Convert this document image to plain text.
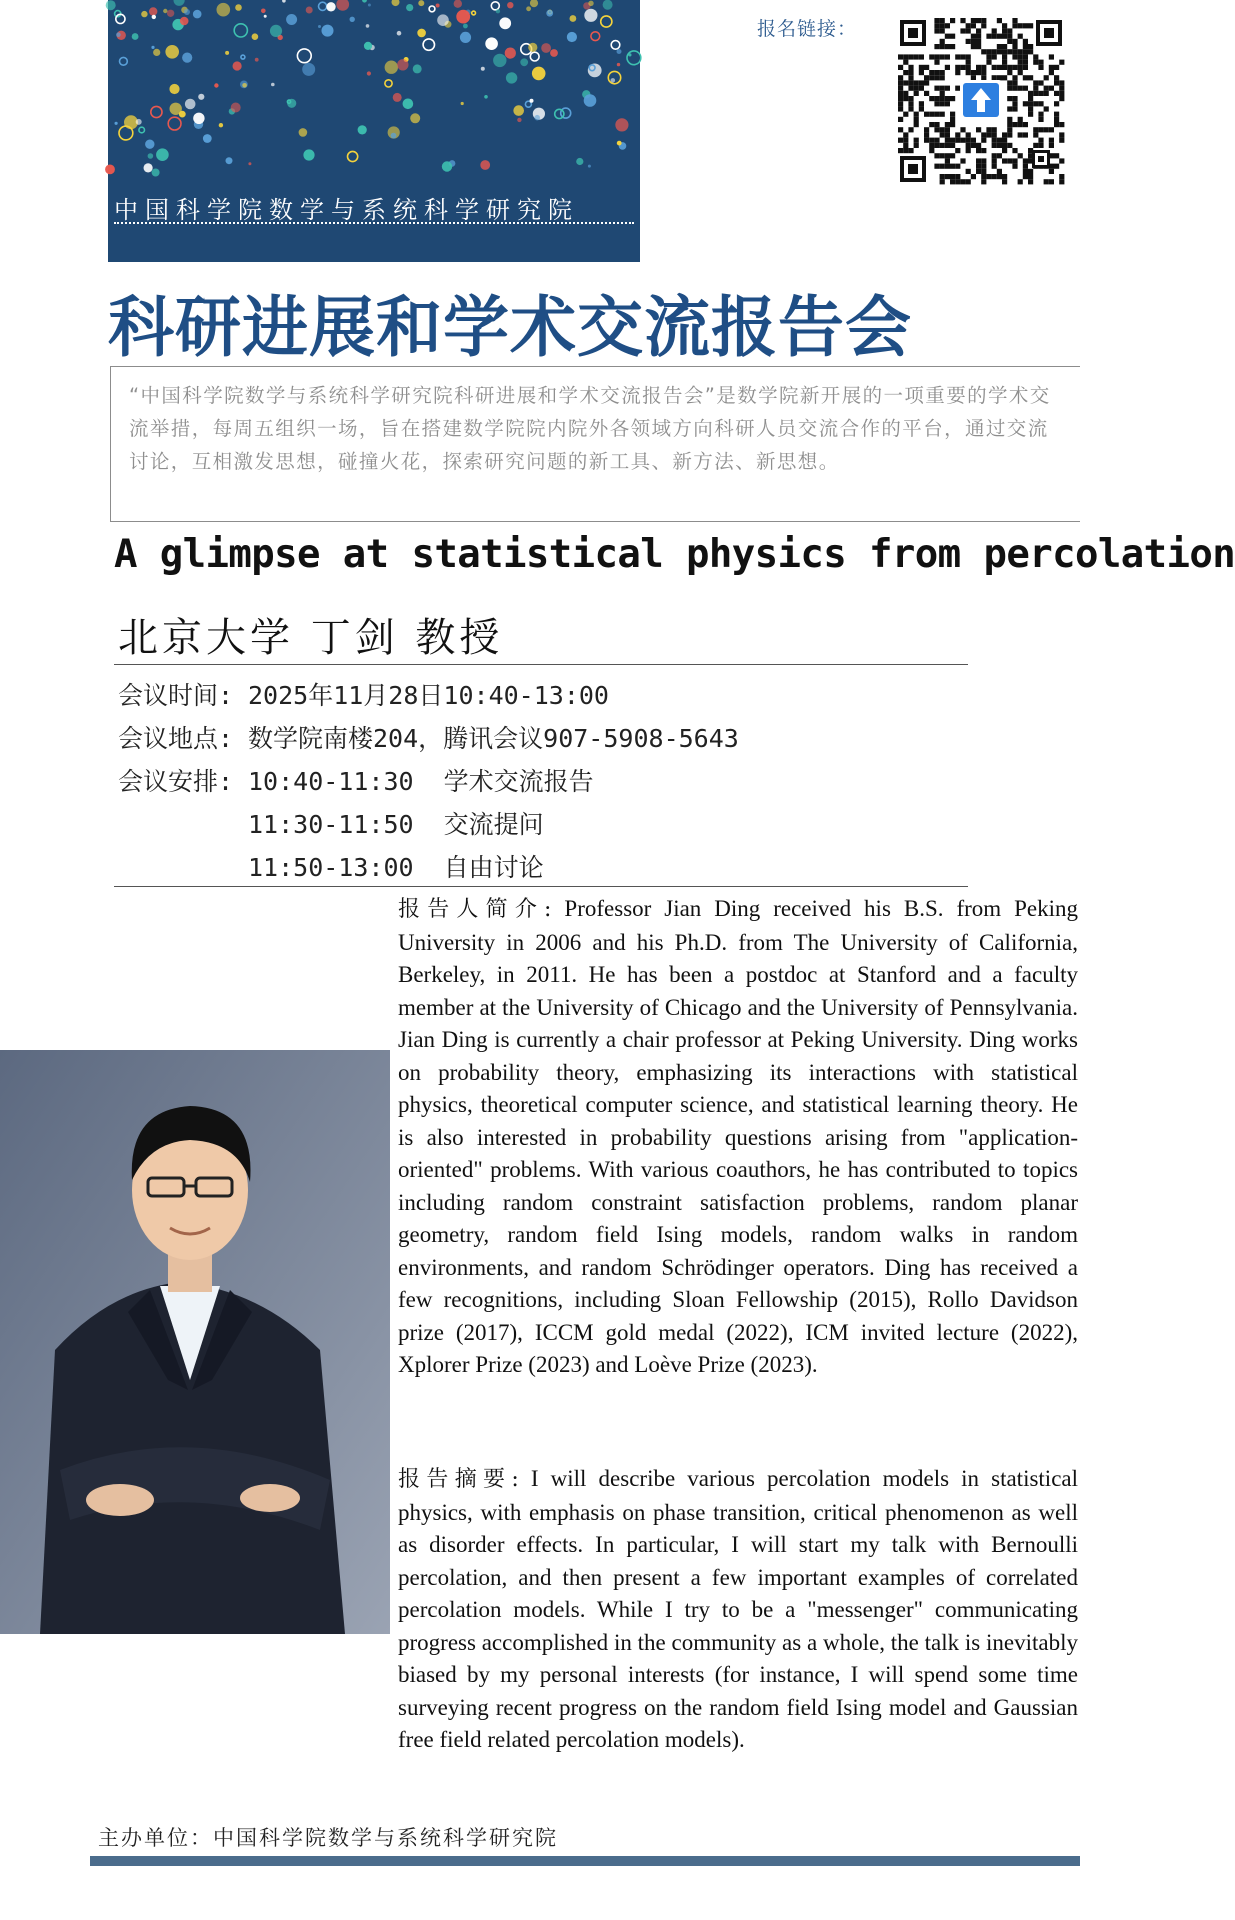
中国科学院数学与系统科学研究院
报名链接：
科研进展和学术交流报告会
“中国科学院数学与系统科学研究院科研进展和学术交流报告会”是数学院新开展的一项重要的学术交流举措，每周五组织一场，旨在搭建数学院院内院外各领域方向科研人员交流合作的平台，通过交流讨论，互相激发思想，碰撞火花，探索研究问题的新工具、新方法、新思想。
A glimpse at statistical physics from percolation
北京大学 丁剑 教授
会议时间: 2025年11月28日10:40-13:00
会议地点: 数学院南楼204，腾讯会议907-5908-5643
会议安排: 10:40-11:30 学术交流报告
11:30-11:50 交流提问
11:50-13:00 自由讨论
报告人简介: Professor Jian Ding received his B.S. from Peking University in 2006 and his Ph.D. from The University of California, Berkeley, in 2011. He has been a postdoc at Stanford and a faculty member at the University of Chicago and the University of Pennsylvania. Jian Ding is currently a chair professor at Peking University. Ding works on probability theory, emphasizing its interactions with statistical physics, theoretical computer science, and statistical learning theory. He is also interested in probability questions arising from "application-oriented" problems. With various coauthors, he has contributed to topics including random constraint satisfaction problems, random planar geometry, random field Ising models, random walks in random environments, and random Schrödinger operators. Ding has received a few recognitions, including Sloan Fellowship (2015), Rollo Davidson prize (2017), ICCM gold medal (2022), ICM invited lecture (2022), Xplorer Prize (2023) and Loève Prize (2023).
报告摘要: I will describe various percolation models in statistical physics, with emphasis on phase transition, critical phenomenon as well as disorder effects. In particular, I will start my talk with Bernoulli percolation, and then present a few important examples of correlated percolation models. While I try to be a "messenger" communicating progress accomplished in the community as a whole, the talk is inevitably biased by my personal interests (for instance, I will spend some time surveying recent progress on the random field Ising model and Gaussian free field related percolation models).
主办单位：中国科学院数学与系统科学研究院
